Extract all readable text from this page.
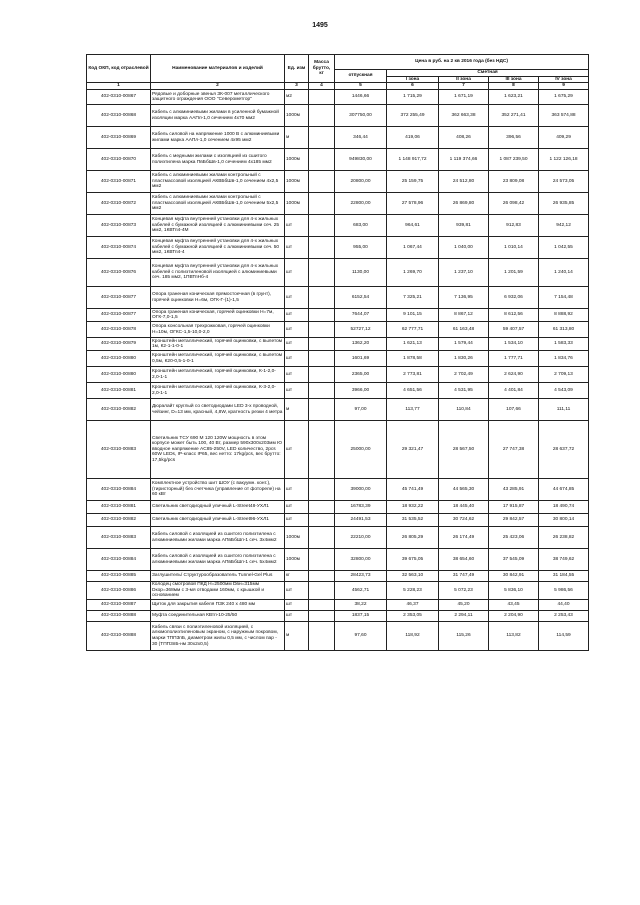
1495
Код ОКП, код отраслевой	Наименование материалов и изделий	Ед. изм	Масса брутто, кг	Цена в руб. на 2 кв 2016 года (без НДС)				
				отпускная	Сметная			
					I зона	II зона	III зона	IV зона
1	2	3	4	5	6	7	8	9
402-0310-00867	Рядовые и доборные звенья ЗК-007 металлического защитного ограждения ООО "Северометгор"	м2		1446,66	1 715,29	1 671,19	1 623,21	1 675,29
402-0310-00868	Кабель с алюминиевыми жилами в усиленной бумажной изоляции марка ААПл-1,0 сечением 4х70 мм2	1000м		307750,00	372 255,49	362 663,38	352 271,41	363 574,88
402-0310-00869	Кабель силовой на напряжение 1000 В с алюминиевыми жилами марка ААПл-1,0 сечением 4х95 мм2	м		346,44	419,06	408,26	396,56	409,29
402-0310-00870	Кабель с медными жилами с изоляцией из сшитого полиэтилена марка ПвБбШв-1,0 сечением 4х185 мм2	1000м		949830,00	1 148 917,72	1 119 374,66	1 087 239,50	1 122 126,18
402-0310-00871	Кабель с алюминиевыми жилами контрольный с пластмассовой изоляцией АКВБбШв-1,0 сечением 4х2,5 мм2	1000м		20800,00	25 159,75	24 512,80	23 809,08	24 573,05
402-0310-00872	Кабель с алюминиевыми жилами контрольный с пластмассовой изоляцией АКВБбШв-1,0 сечением 5х2,5 мм2	1000м		22800,00	27 578,96	26 869,80	26 098,42	26 935,85
402-0310-00873	Концевая муфта внутренней установки для 4-х жильных кабелей с бумажной изоляцией с алюминиевыми сеч. 25 мм2, 1КВТп4-4М	шт		683,00	964,61	939,81	912,83	942,12
402-0310-00874	Концевая муфта внутренней установки для 4-х жильных кабелей с бумажной изоляцией с алюминиевыми сеч. 50 мм2, 1КВТп4-4	шт		955,00	1 067,44	1 040,00	1 010,14	1 042,55
402-0310-00876	Концевая муфта внутренней установки для 4-х жильных кабелей с полиэтиленовой изоляцией с алюминиевыми сеч. 185 мм2, 1ПВТпНб-4	шт		1130,00	1 269,70	1 237,10	1 201,59	1 240,14
402-0310-00877	Опора граненая коническая прямостоечная (в грунт), горячей оцинковки Н=6м, ОГК-Г-(1)-1,5	шт		6152,54	7 325,21	7 136,95	6 932,06	7 154,48
402-0310-00877	Опора граненая коническая, горячей оцинковки Н=7м, ОГК-7,0-1,5	шт		7644,07	9 101,15	8 867,12	8 612,56	8 888,92
402-0310-00878	Опора консольная трехрожковая, горячей оцинковки Н=10м, ОГКС-1,5-10,0-2,0	шт		52727,12	62 777,71	61 163,48	59 407,57	61 313,80
402-0310-00879	Кронштейн металлический, горячей оцинковки, с вылетом 1м, К2-1-1-0-1	шт		1362,20	1 621,13	1 579,44	1 534,10	1 583,33
402-0310-00880	Кронштейн металлический, горячей оцинковки, с вылетом 0,5м, К20-0,5-1-0-1	шт		1601,69	1 878,58	1 830,26	1 777,71	1 834,76
402-0310-00880	Кронштейн металлический, горячей оцинковки, К-1-2,0-2,0-1-1	шт		2365,00	2 773,81	2 702,49	2 624,90	2 709,13
402-0310-00881	Кронштейн металлический, горячей оцинковки, К-3-2,0-2,0-1-1	шт		3966,00	4 651,56	4 531,95	4 401,84	4 543,09
402-0310-00882	Дюралайт круглый со светодиодами LED 3-х проводной, чейзинг, D=13 мм, красный, 4,8W, кратность резки 4 метра	м		97,00	113,77	110,84	107,66	111,11
402-0310-00883	Светильник TCУ 690 M 120 120W мощность в этом корпусе может быть 100, 40 Вт, размер 590х300х203мм Ю вводное напряжение AC85-250V, LED количество, 2pcs 60W LEDs, IP-класс IP65, вес нетто: 17kg/pcs, вес брутто: 17,5kg/pcs	шт		25000,00	29 321,47	28 567,50	27 747,38	28 637,72
402-0310-00884	Комплектное устройство шит ШОУ (с вакуумн. конт.), (тиристорный) без счетчика (управление от фотореле) на 60 кВт	шт		39000,00	45 741,49	44 565,30	43 285,91	44 674,85
402-0310-00881	Светильник светодиодный уличный L-Street48-УХЛ1	шт		16783,39	18 932,22	18 445,40	17 915,87	18 490,74
402-0310-00882	Светильник светодиодный уличный L-Street96-УХЛ1	шт		24491,53	31 535,52	30 724,62	29 842,57	30 800,14
402-0310-00883	Кабель силовой с изоляцией из сшитого полиэтилена с алюминиевыми жилами марка АПвБбШп-1 сеч. 3х4мм2	1000м		22210,00	26 805,29	26 174,49	25 423,06	26 238,82
402-0310-00884	Кабель силовой с изоляцией из сшитого полиэтилена с алюминиевыми жилами марка АПвБбШп-1 сеч. 5х4мм2	1000м		32800,00	39 675,05	38 654,60	37 545,09	38 749,62
402-0310-00885	Заглушитель/ Структурообразователь Tunnel-Gel Plus	кг		28423,73	32 563,10	31 747,49	30 842,91	31 184,55
402-0310-00886	Колодец смотровой ПКД Н=2500мм Dвн=315мм Dкор=368мм с 3-мя отводами 160мм, с крышкой и основанием	шт		4562,71	5 228,23	5 072,23	5 836,10	5 986,56
402-0310-00887	Щиток для закрытия кабеля ПЗК 240 х 480 мм	шт		38,22	46,37	45,20	43,45	44,40
402-0310-00888	Муфта соединительная КВтп-10-25/50	шт		1837,15	2 353,05	2 294,11	2 204,90	2 253,43
402-0310-00888	Кабель связи с полиэтиленовой изоляцией, с алюмополиэтиленовым экраном, с наружным покровом, марки ТПП3пБ, диаметром жилы 0,5 мм, с числом пар - 30 (ТПП3пБ-нм 30х2х0,5)	м		97,60	118,92	115,26	113,82	114,59
